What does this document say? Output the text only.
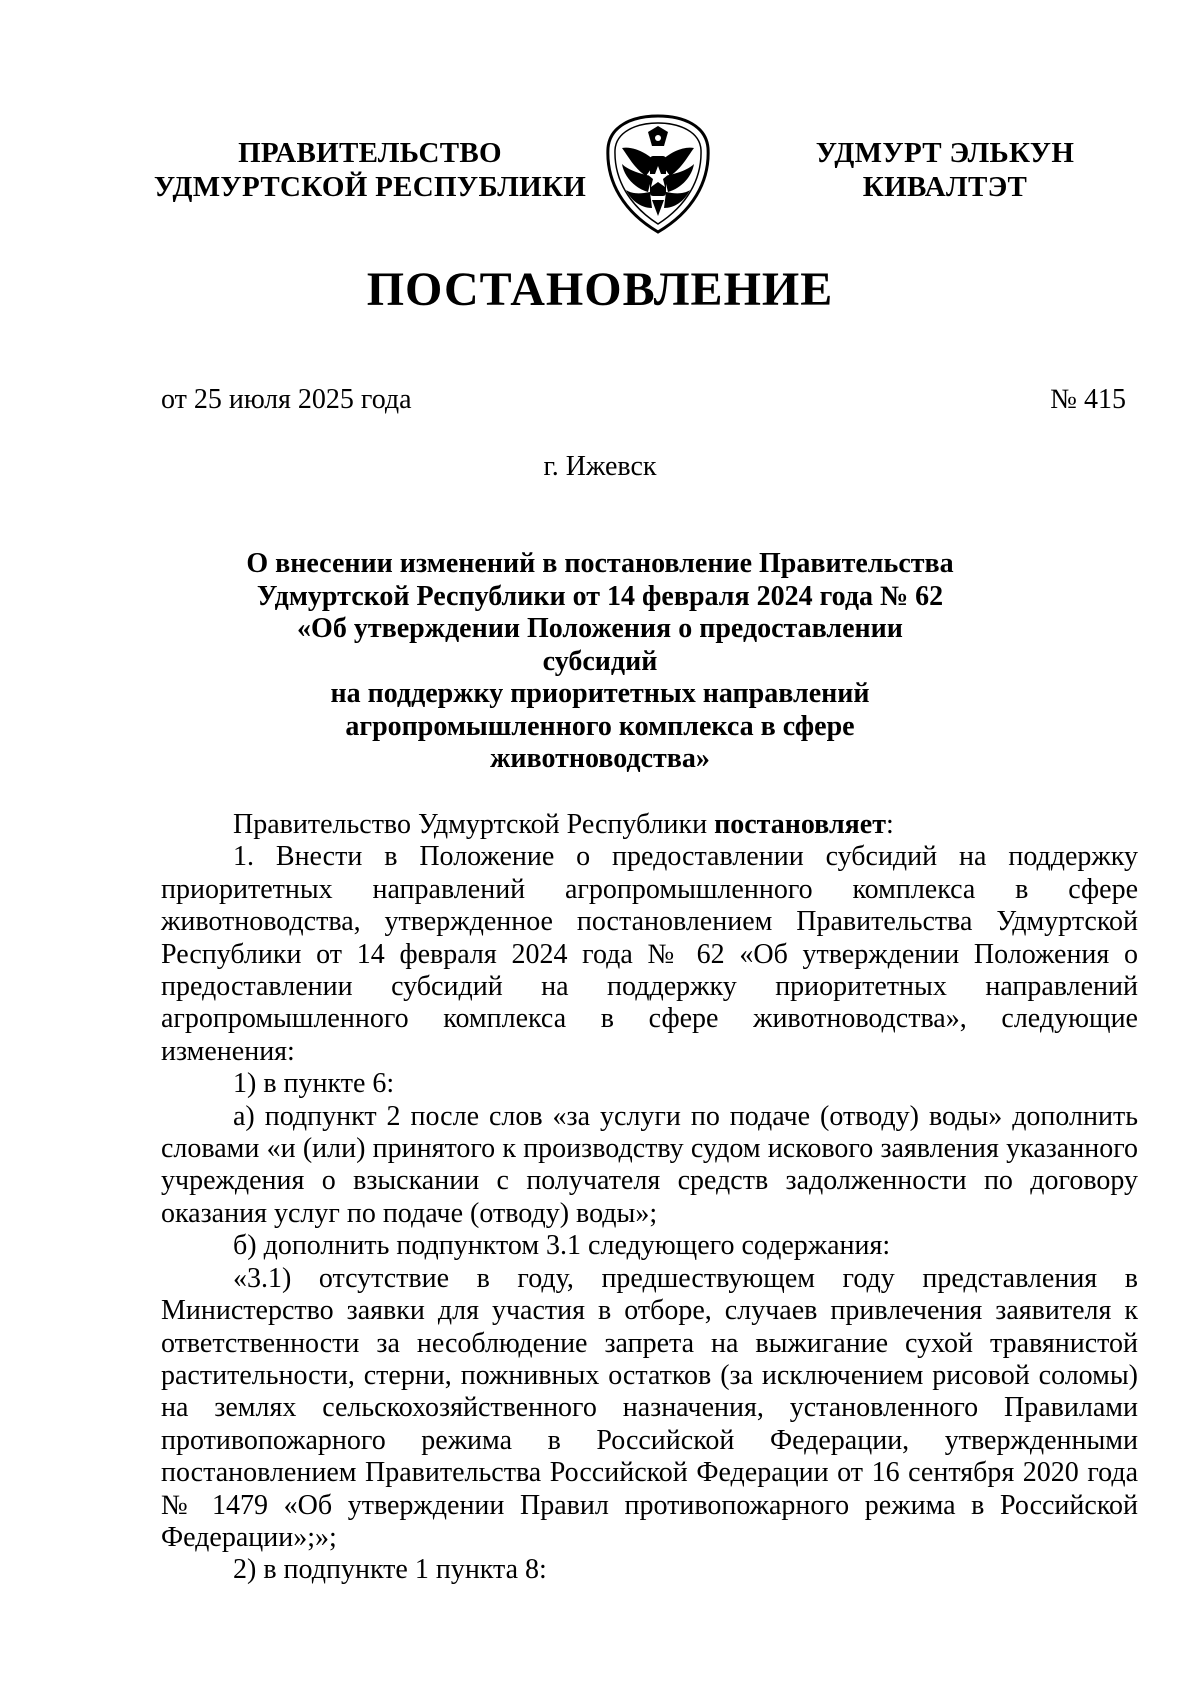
ПРАВИТЕЛЬСТВО
УДМУРТСКОЙ РЕСПУБЛИКИ
УДМУРТ ЭЛЬКУН
КИВАЛТЭТ
ПОСТАНОВЛЕНИЕ
от 25 июля 2025 года	№ 415
г. Ижевск
О внесении изменений в постановление Правительства
Удмуртской Республики от 14 февраля 2024 года № 62
«Об утверждении Положения о предоставлении субсидий
на поддержку приоритетных направлений
агропромышленного комплекса в сфере
животноводства»

Правительство Удмуртской Республики постановляет:

1. Внести в Положение о предоставлении субсидий на поддержку приоритетных направлений агропромышленного комплекса в сфере животноводства, утвержденное постановлением Правительства Удмуртской Республики от 14 февраля 2024 года № 62 «Об утверждении Положения о предоставлении субсидий на поддержку приоритетных направлений агропромышленного комплекса в сфере животноводства», следующие изменения:

1) в пункте 6:

а) подпункт 2 после слов «за услуги по подаче (отводу) воды» дополнить словами «и (или) принятого к производству судом искового заявления указанного учреждения о взыскании с получателя средств задолженности по договору оказания услуг по подаче (отводу) воды»;

б) дополнить подпунктом 3.1 следующего содержания:

«3.1) отсутствие в году, предшествующем году представления в Министерство заявки для участия в отборе, случаев привлечения заявителя к ответственности за несоблюдение запрета на выжигание сухой травянистой растительности, стерни, пожнивных остатков (за исключением рисовой соломы) на землях сельскохозяйственного назначения, установленного Правилами противопожарного режима в Российской Федерации, утвержденными постановлением Правительства Российской Федерации от 16 сентября 2020 года № 1479 «Об утверждении Правил противопожарного режима в Российской Федерации»;»;

2) в подпункте 1 пункта 8:
